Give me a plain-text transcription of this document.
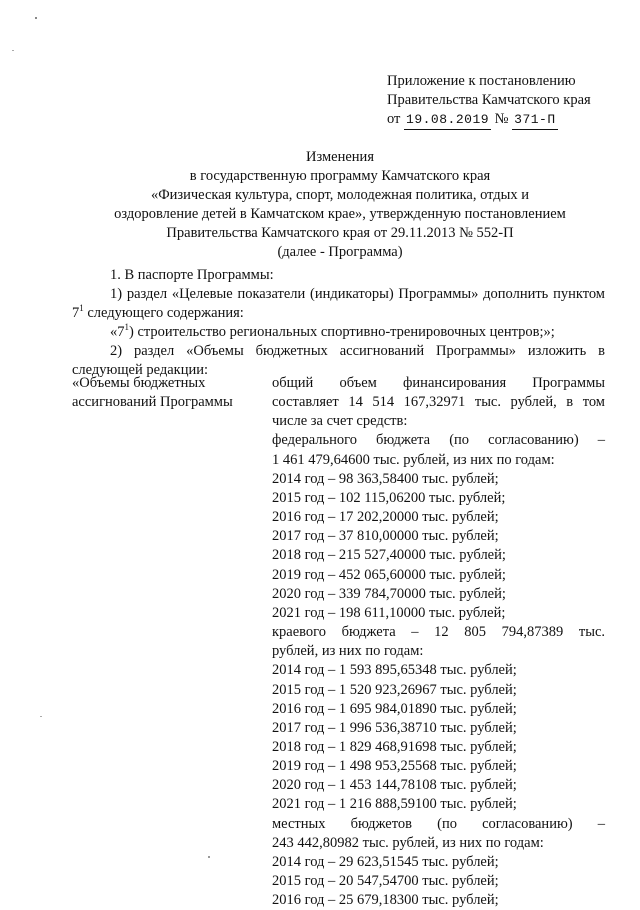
Приложение к постановлению
Правительства Камчатского края
от 19.08.2019 № 371-П
Изменения
в государственную программу Камчатского края
«Физическая культура, спорт, молодежная политика, отдых и
оздоровление детей в Камчатском крае», утвержденную постановлением
Правительства Камчатского края от 29.11.2013 № 552-П
(далее - Программа)
1. В паспорте Программы:
1) раздел «Целевые показатели (индикаторы) Программы» дополнить пунктом $7^1$ следующего содержания:
«$7^1$) строительство региональных спортивно-тренировочных центров;»;
2) раздел «Объемы бюджетных ассигнований Программы» изложить в следующей редакции:
«Объемы бюджетных ассигнований Программы
общий объем финансирования Программы
составляет 14 514 167,32971 тыс. рублей, в том
числе за счет средств:
федерального бюджета (по согласованию) –
1 461 479,64600 тыс. рублей, из них по годам:
2014 год – 98 363,58400 тыс. рублей;
2015 год – 102 115,06200 тыс. рублей;
2016 год – 17 202,20000 тыс. рублей;
2017 год – 37 810,00000 тыс. рублей;
2018 год – 215 527,40000 тыс. рублей;
2019 год – 452 065,60000 тыс. рублей;
2020 год – 339 784,70000 тыс. рублей;
2021 год – 198 611,10000 тыс. рублей;
краевого бюджета – 12 805 794,87389 тыс.
рублей, из них по годам:
2014 год – 1 593 895,65348 тыс. рублей;
2015 год – 1 520 923,26967 тыс. рублей;
2016 год – 1 695 984,01890 тыс. рублей;
2017 год – 1 996 536,38710 тыс. рублей;
2018 год – 1 829 468,91698 тыс. рублей;
2019 год – 1 498 953,25568 тыс. рублей;
2020 год – 1 453 144,78108 тыс. рублей;
2021 год – 1 216 888,59100 тыс. рублей;
местных бюджетов (по согласованию) –
243 442,80982 тыс. рублей, из них по годам:
2014 год – 29 623,51545 тыс. рублей;
2015 год – 20 547,54700 тыс. рублей;
2016 год – 25 679,18300 тыс. рублей;
